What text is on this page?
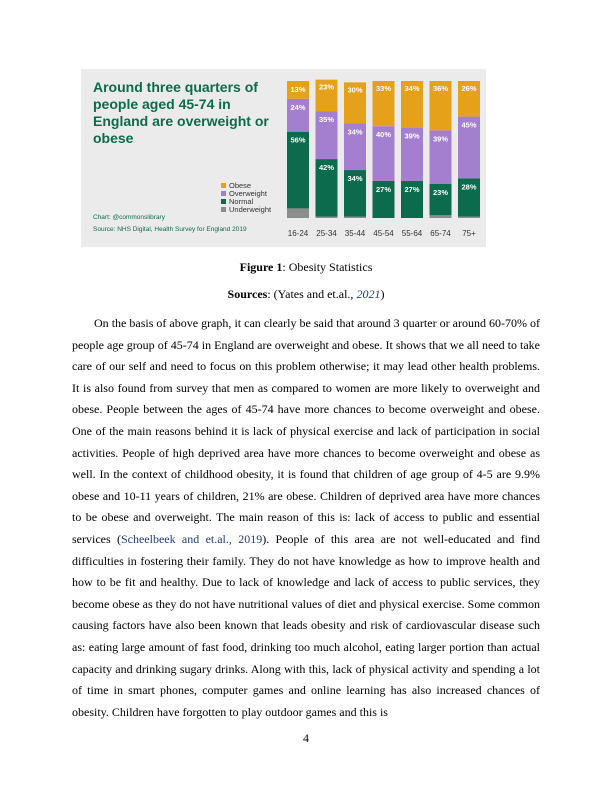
Around three quarters of
people aged 45-74 in
England are overweight or
obese
Obese
Overweight
Normal
Underweight
Chart: @commonslibrary
Source: NHS Digital, Health Survey for England 2019
56%
24%
13%
42%
35%
23%
34%
34%
30%
27%
40%
33%
27%
39%
34%
23%
39%
36%
28%
45%
26%
16-24 25-34 35-44 45-54 55-64 65-74 75+
Figure 1: Obesity Statistics
Sources: (Yates and et.al., 2021)

On the basis of above graph, it can clearly be said that around 3 quarter or around 60-70% of people age group of 45-74 in England are overweight and obese. It shows that we all need to take care of our self and need to focus on this problem otherwise; it may lead other health problems. It is also found from survey that men as compared to women are more likely to overweight and obese. People between the ages of 45-74 have more chances to become overweight and obese. One of the main reasons behind it is lack of physical exercise and lack of participation in social activities. People of high deprived area have more chances to become overweight and obese as well. In the context of childhood obesity, it is found that children of age group of 4-5 are 9.9% obese and 10-11 years of children, 21% are obese. Children of deprived area have more chances to be obese and overweight. The main reason of this is: lack of access to public and essential services (Scheelbeek and et.al., 2019). People of this area are not well-educated and find difficulties in fostering their family. They do not have knowledge as how to improve health and how to be fit and healthy. Due to lack of knowledge and lack of access to public services, they become obese as they do not have nutritional values of diet and physical exercise. Some common causing factors have also been known that leads obesity and risk of cardiovascular disease such as: eating large amount of fast food, drinking too much alcohol, eating larger portion than actual capacity and drinking sugary drinks. Along with this, lack of physical activity and spending a lot of time in smart phones, computer games and online learning has also increased chances of obesity. Children have forgotten to play outdoor games and this is

4
